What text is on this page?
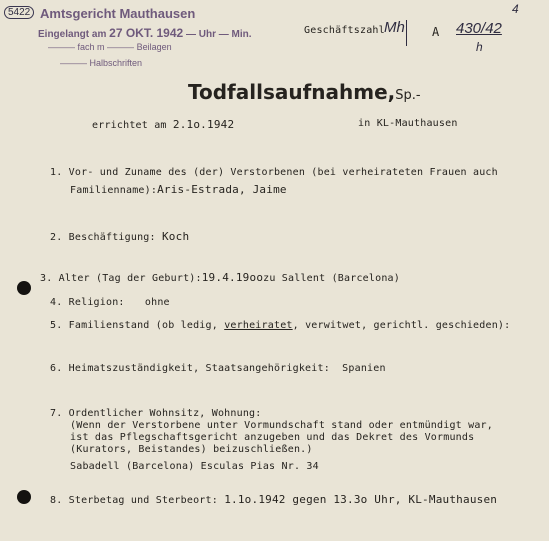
5422 Amtsgericht Mauthausen
Eingelangt am 27 OKT. 1942 — Uhr — Min.
——— fach m ——— Beilagen
——— Halbschriften
Geschäftszahl
4
Mh A 430/42
h
Todfallsaufnahme,Sp.-
errichtet am 2.1o.1942	in KL-Mauthausen
1. Vor- und Zuname des (der) Verstorbenen (bei verheirateten Frauen auch
Familienname):Aris-Estrada, Jaime
2. Beschäftigung: Koch
3. Alter (Tag der Geburt):19.4.19oozu Sallent (Barcelona)
4. Religion: ohne
5. Familienstand (ob ledig, verheiratet, verwitwet, gerichtl. geschieden):
6. Heimatszuständigkeit, Staatsangehörigkeit: Spanien
7. Ordentlicher Wohnsitz, Wohnung:
(Wenn der Verstorbene unter Vormundschaft stand oder entmündigt war,
ist das Pflegschaftsgericht anzugeben und das Dekret des Vormunds
(Kurators, Beistandes) beizuschließen.)
Sabadell (Barcelona) Esculas Pias Nr. 34
8. Sterbetag und Sterbeort: 1.1o.1942 gegen 13.3o Uhr, KL-Mauthausen
